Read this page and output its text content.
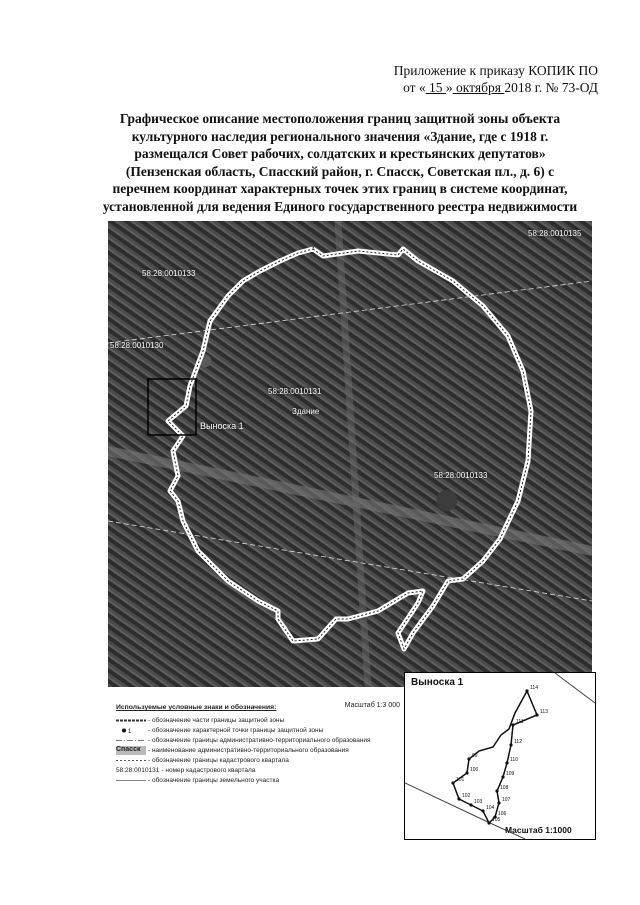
Приложение к приказу КОПИК ПО
от « 15 » октября 2018 г. № 73-ОД
Графическое описание местоположения границ защитной зоны объекта
культурного наследия регионального значения «Здание, где с 1918 г.
размещался Совет рабочих, солдатских и крестьянских депутатов»
(Пензенская область, Спасский район, г. Спасск, Советская пл., д. 6) с
перечнем координат характерных точек этих границ в системе координат,
установленной для ведения Единого государственного реестра недвижимости
58:28:0010133
58:28:0010130
58:28:0010131
58:28:0010133
58:28:0010135
Здание
Выноска 1
Масштаб 1:3 000
Используемые условные знаки и обозначения:
- обозначение части границы защитной зоны
1	- обозначение характерной точки границы защитной зоны
- обозначение границы административно-территориального образования
Спасск	- наименование административно-территориального образования
- обозначение границы кадастрового квартала
58:28:0010131 - номер кадастрового квартала
- обозначение границы земельного участка
Выноска 1	114
113
111
112
110
109
108
107
106
105
104
103
102
101
100
99
Масштаб 1:1000
